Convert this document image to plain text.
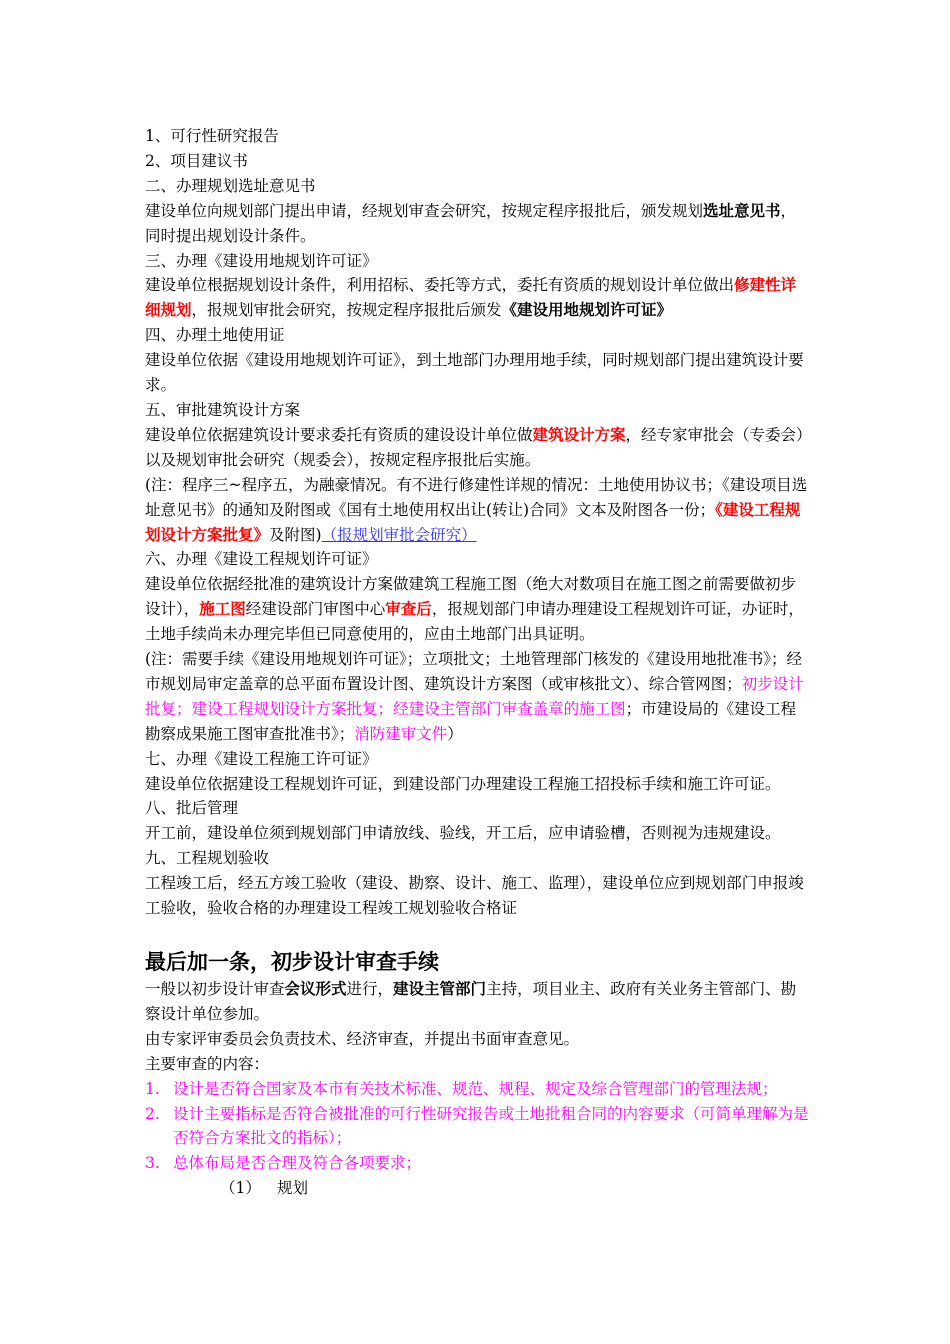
1、可行性研究报告

2、项目建议书

二、办理规划选址意见书

建设单位向规划部门提出申请，经规划审查会研究，按规定程序报批后，颁发规划选址意见书，同时提出规划设计条件。

三、办理《建设用地规划许可证》

建设单位根据规划设计条件，利用招标、委托等方式，委托有资质的规划设计单位做出修建性详细规划，报规划审批会研究，按规定程序报批后颁发《建设用地规划许可证》

四、办理土地使用证

建设单位依据《建设用地规划许可证》，到土地部门办理用地手续，同时规划部门提出建筑设计要求。

五、审批建筑设计方案

建设单位依据建筑设计要求委托有资质的建设设计单位做建筑设计方案，经专家审批会（专委会）以及规划审批会研究（规委会），按规定程序报批后实施。

(注：程序三~程序五，为融豪情况。有不进行修建性详规的情况：土地使用协议书；《建设项目选址意见书》的通知及附图或《国有土地使用权出让(转让)合同》文本及附图各一份；《建设工程规划设计方案批复》及附图)（报规划审批会研究）

六、办理《建设工程规划许可证》

建设单位依据经批准的建筑设计方案做建筑工程施工图（绝大对数项目在施工图之前需要做初步设计），施工图经建设部门审图中心审查后，报规划部门申请办理建设工程规划许可证，办证时，土地手续尚未办理完毕但已同意使用的，应由土地部门出具证明。

(注：需要手续《建设用地规划许可证》；立项批文；土地管理部门核发的《建设用地批准书》；经市规划局审定盖章的总平面布置设计图、建筑设计方案图（或审核批文）、综合管网图；初步设计批复；建设工程规划设计方案批复；经建设主管部门审查盖章的施工图；市建设局的《建设工程勘察成果施工图审查批准书》；消防建审文件）

七、办理《建设工程施工许可证》

建设单位依据建设工程规划许可证，到建设部门办理建设工程施工招投标手续和施工许可证。

八、批后管理

开工前，建设单位须到规划部门申请放线、验线，开工后，应申请验槽，否则视为违规建设。九、工程规划验收

工程竣工后，经五方竣工验收（建设、勘察、设计、施工、监理），建设单位应到规划部门申报竣工验收，验收合格的办理建设工程竣工规划验收合格证

最后加一条，初步设计审查手续

一般以初步设计审查会议形式进行，建设主管部门主持，项目业主、政府有关业务主管部门、勘察设计单位参加。

由专家评审委员会负责技术、经济审查，并提出书面审查意见。

主要审查的内容：

1. 设计是否符合国家及本市有关技术标准、规范、规程、规定及综合管理部门的管理法规；
2. 设计主要指标是否符合被批准的可行性研究报告或土地批租合同的内容要求（可简单理解为是否符合方案批文的指标）；
3. 总体布局是否合理及符合各项要求；

（1） 规划
